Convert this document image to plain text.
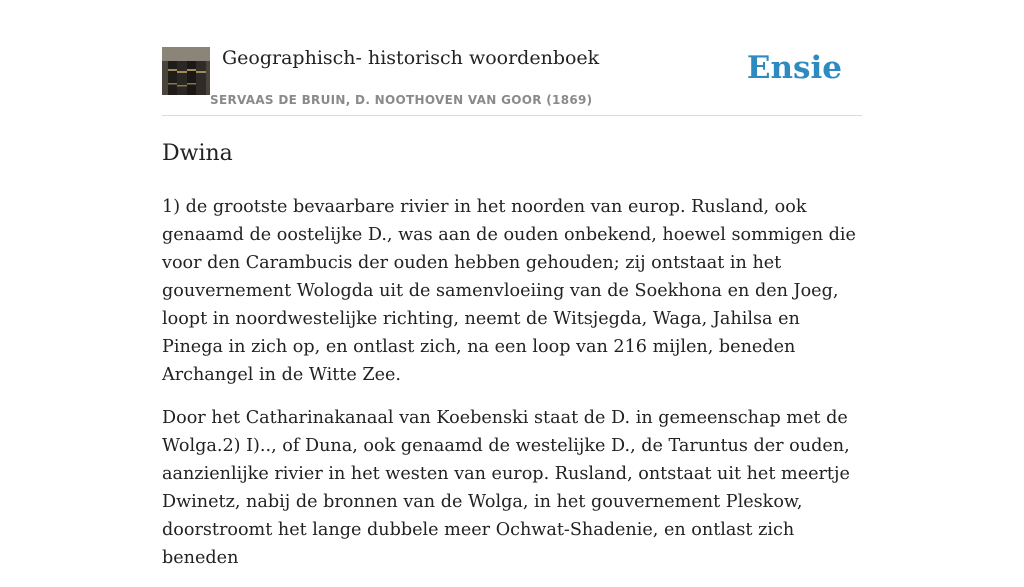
Geographisch- historisch woordenboek
SERVAAS DE BRUIN, D. NOOTHOVEN VAN GOOR (1869)
Ensie
Dwina

1) de grootste bevaarbare rivier in het noorden van europ. Rusland, ook genaamd de oostelijke D., was aan de ouden onbekend, hoewel sommigen die voor den Carambucis der ouden hebben gehouden; zij ontstaat in het gouvernement Wologda uit de samenvloeiing van de Soekhona en den Joeg, loopt in noordwestelijke richting, neemt de Witsjegda, Waga, Jahilsa en Pinega in zich op, en ontlast zich, na een loop van 216 mijlen, beneden Archangel in de Witte Zee.

Door het Catharinakanaal van Koebenski staat de D. in gemeenschap met de Wolga.2) I).., of Duna, ook genaamd de westelijke D., de Taruntus der ouden, aanzienlijke rivier in het westen van europ. Rusland, ontstaat uit het meertje Dwinetz, nabij de bronnen van de Wolga, in het gouvernement Pleskow, doorstroomt het lange dubbele meer Ochwat-Shadenie, en ontlast zich beneden
